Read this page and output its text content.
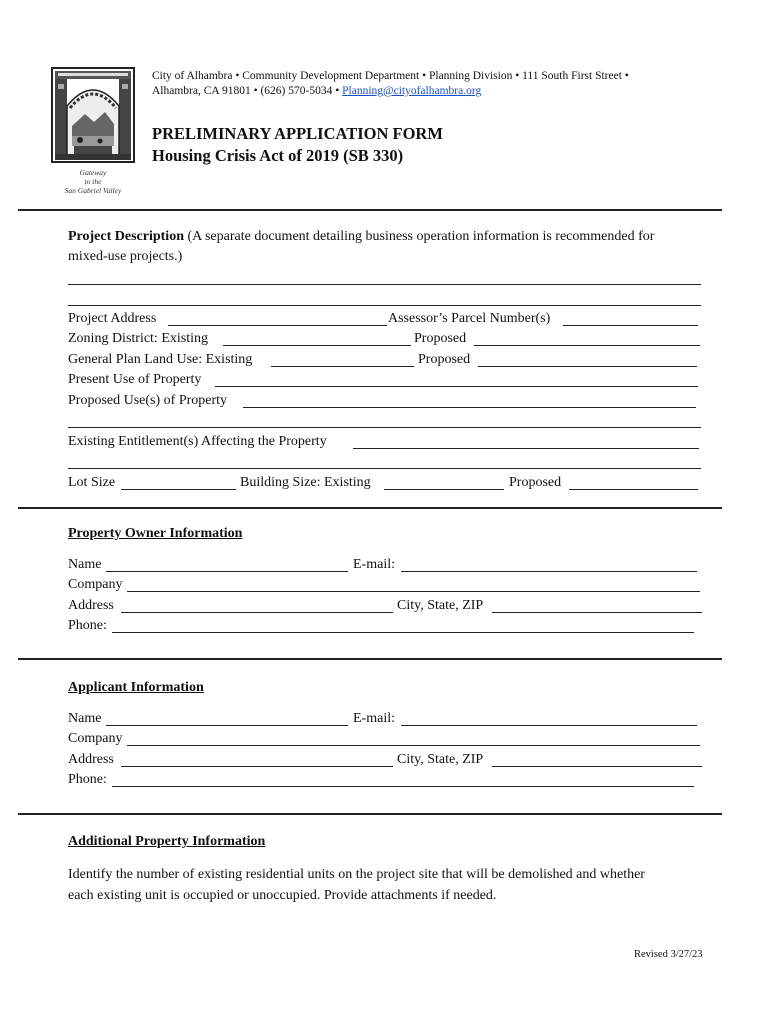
Gateway
to the
San Gabriel Valley
City of Alhambra • Community Development Department • Planning Division • 111 South First Street •
Alhambra, CA 91801 • (626) 570-5034 • Planning@cityofalhambra.org
PRELIMINARY APPLICATION FORM
Housing Crisis Act of 2019 (SB 330)
Project Description (A separate document detailing business operation information is recommended for
mixed-use projects.)
Project Address	Assessor’s Parcel Number(s)
Zoning District: Existing	Proposed
General Plan Land Use: Existing	Proposed
Present Use of Property
Proposed Use(s) of Property
Existing Entitlement(s) Affecting the Property
Lot Size	Building Size: Existing	Proposed
Property Owner Information
Name	E-mail:
Company
Address	City, State, ZIP
Phone:
Applicant Information
Name	E-mail:
Company
Address	City, State, ZIP
Phone:
Additional Property Information
Identify the number of existing residential units on the project site that will be demolished and whether
each existing unit is occupied or unoccupied. Provide attachments if needed.
Revised 3/27/23
